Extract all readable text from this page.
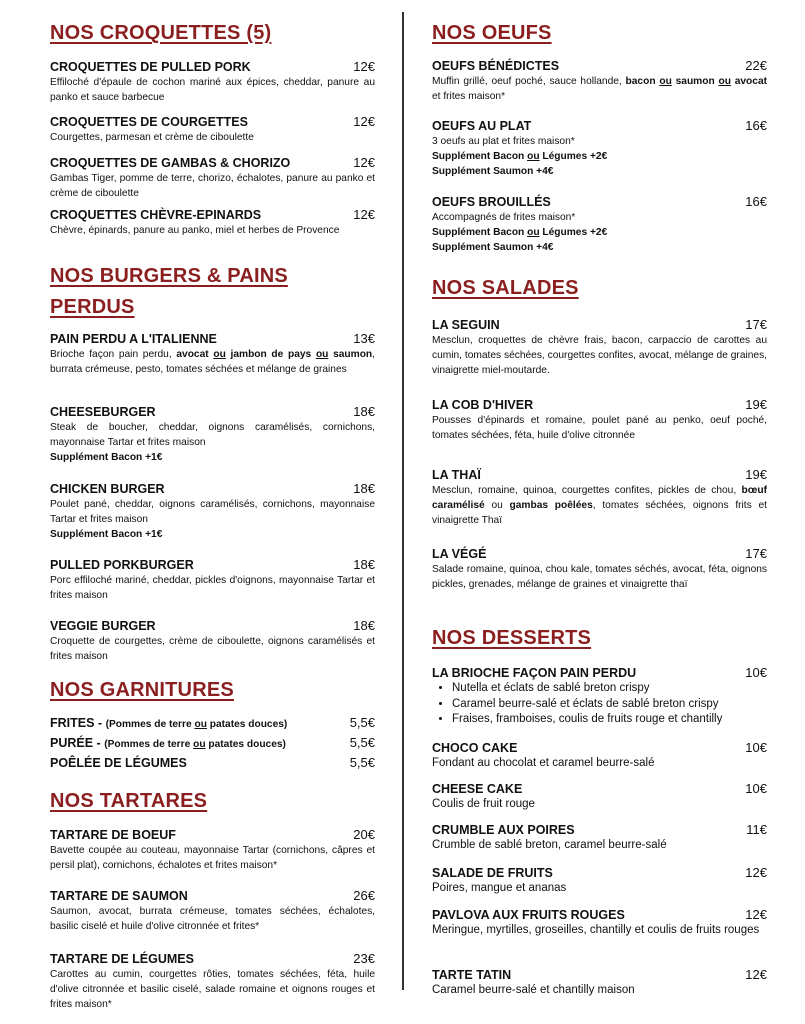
NOS CROQUETTES (5)
CROQUETTES DE PULLED PORK	12€
Effiloché d'épaule de cochon mariné aux épices, cheddar, panure au panko et sauce barbecue
CROQUETTES DE COURGETTES	12€
Courgettes, parmesan et crème de ciboulette
CROQUETTES DE GAMBAS & CHORIZO	12€
Gambas Tiger, pomme de terre, chorizo, échalotes, panure au panko et crème de ciboulette
CROQUETTES CHÈVRE-EPINARDS	12€
Chèvre, épinards, panure au panko, miel et herbes de Provence
NOS BURGERS & PAINS
PERDUS
PAIN PERDU A L'ITALIENNE	13€
Brioche façon pain perdu, avocat ou jambon de pays ou saumon, burrata crémeuse, pesto, tomates séchées et mélange de graines
CHEESEBURGER	18€
Steak de boucher, cheddar, oignons caramélisés, cornichons, mayonnaise Tartar et frites maison
Supplément Bacon +1€
CHICKEN BURGER	18€
Poulet pané, cheddar, oignons caramélisés, cornichons, mayonnaise Tartar et frites maison
Supplément Bacon +1€
PULLED PORKBURGER	18€
Porc effiloché mariné, cheddar, pickles d'oignons, mayonnaise Tartar et frites maison
VEGGIE BURGER	18€
Croquette de courgettes, crème de ciboulette, oignons caramélisés et frites maison
NOS GARNITURES
FRITES - (Pommes de terre ou patates douces)	5,5€
PURÉE - (Pommes de terre ou patates douces)	5,5€
POÊLÉE DE LÉGUMES	5,5€
NOS TARTARES
TARTARE DE BOEUF	20€
Bavette coupée au couteau, mayonnaise Tartar (cornichons, câpres et persil plat), cornichons, échalotes et frites maison*
TARTARE DE SAUMON	26€
Saumon, avocat, burrata crémeuse, tomates séchées, échalotes, basilic ciselé et huile d'olive citronnée et frites*
TARTARE DE LÉGUMES	23€
Carottes au cumin, courgettes rôties, tomates séchées, féta, huile d'olive citronnée et basilic ciselé, salade romaine et oignons rouges et frites maison*
NOS OEUFS
OEUFS BÉNÉDICTES	22€
Muffin grillé, oeuf poché, sauce hollande, bacon ou saumon ou avocat et frites maison*
OEUFS AU PLAT	16€
3 oeufs au plat et frites maison*
Supplément Bacon ou Légumes +2€
Supplément Saumon +4€
OEUFS BROUILLÉS	16€
Accompagnés de frites maison*
Supplément Bacon ou Légumes +2€
Supplément Saumon +4€
NOS SALADES
LA SEGUIN	17€
Mesclun, croquettes de chèvre frais, bacon, carpaccio de carottes au cumin, tomates séchées, courgettes confites, avocat, mélange de graines, vinaigrette miel-moutarde.
LA COB D'HIVER	19€
Pousses d'épinards et romaine, poulet pané au penko, oeuf poché, tomates séchées, féta, huile d'olive citronnée
LA THAÏ	19€
Mesclun, romaine, quinoa, courgettes confites, pickles de chou, bœuf caramélisé ou gambas poêlées, tomates séchées, oignons frits et vinaigrette Thaï
LA VÉGÉ	17€
Salade romaine, quinoa, chou kale, tomates séchés, avocat, féta, oignons pickles, grenades, mélange de graines et vinaigrette thaï
NOS DESSERTS
LA BRIOCHE FAÇON PAIN PERDU	10€
• Nutella et éclats de sablé breton crispy
• Caramel beurre-salé et éclats de sablé breton crispy
• Fraises, framboises, coulis de fruits rouge et chantilly
CHOCO CAKE	10€
Fondant au chocolat et caramel beurre-salé
CHEESE CAKE	10€
Coulis de fruit rouge
CRUMBLE AUX POIRES	11€
Crumble de sablé breton, caramel beurre-salé
SALADE DE FRUITS	12€
Poires, mangue et ananas
PAVLOVA AUX FRUITS ROUGES	12€
Meringue, myrtilles, groseilles, chantilly et coulis de fruits rouges
TARTE TATIN	12€
Caramel beurre-salé et chantilly maison
